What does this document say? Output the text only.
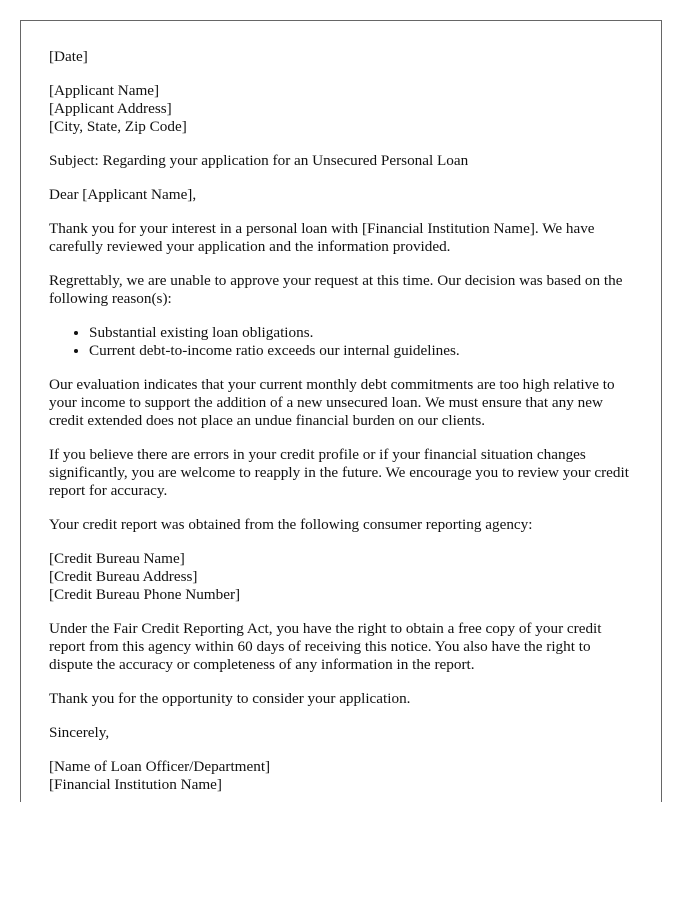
[Date]

[Applicant Name]
[Applicant Address]
[City, State, Zip Code]

Subject: Regarding your application for an Unsecured Personal Loan

Dear [Applicant Name],

Thank you for your interest in a personal loan with [Financial Institution Name]. We have carefully reviewed your application and the information provided.

Regrettably, we are unable to approve your request at this time. Our decision was based on the following reason(s):

• Substantial existing loan obligations.
• Current debt-to-income ratio exceeds our internal guidelines.

Our evaluation indicates that your current monthly debt commitments are too high relative to your income to support the addition of a new unsecured loan. We must ensure that any new credit extended does not place an undue financial burden on our clients.

If you believe there are errors in your credit profile or if your financial situation changes significantly, you are welcome to reapply in the future. We encourage you to review your credit report for accuracy.

Your credit report was obtained from the following consumer reporting agency:

[Credit Bureau Name]
[Credit Bureau Address]
[Credit Bureau Phone Number]

Under the Fair Credit Reporting Act, you have the right to obtain a free copy of your credit report from this agency within 60 days of receiving this notice. You also have the right to dispute the accuracy or completeness of any information in the report.

Thank you for the opportunity to consider your application.

Sincerely,

[Name of Loan Officer/Department]
[Financial Institution Name]
